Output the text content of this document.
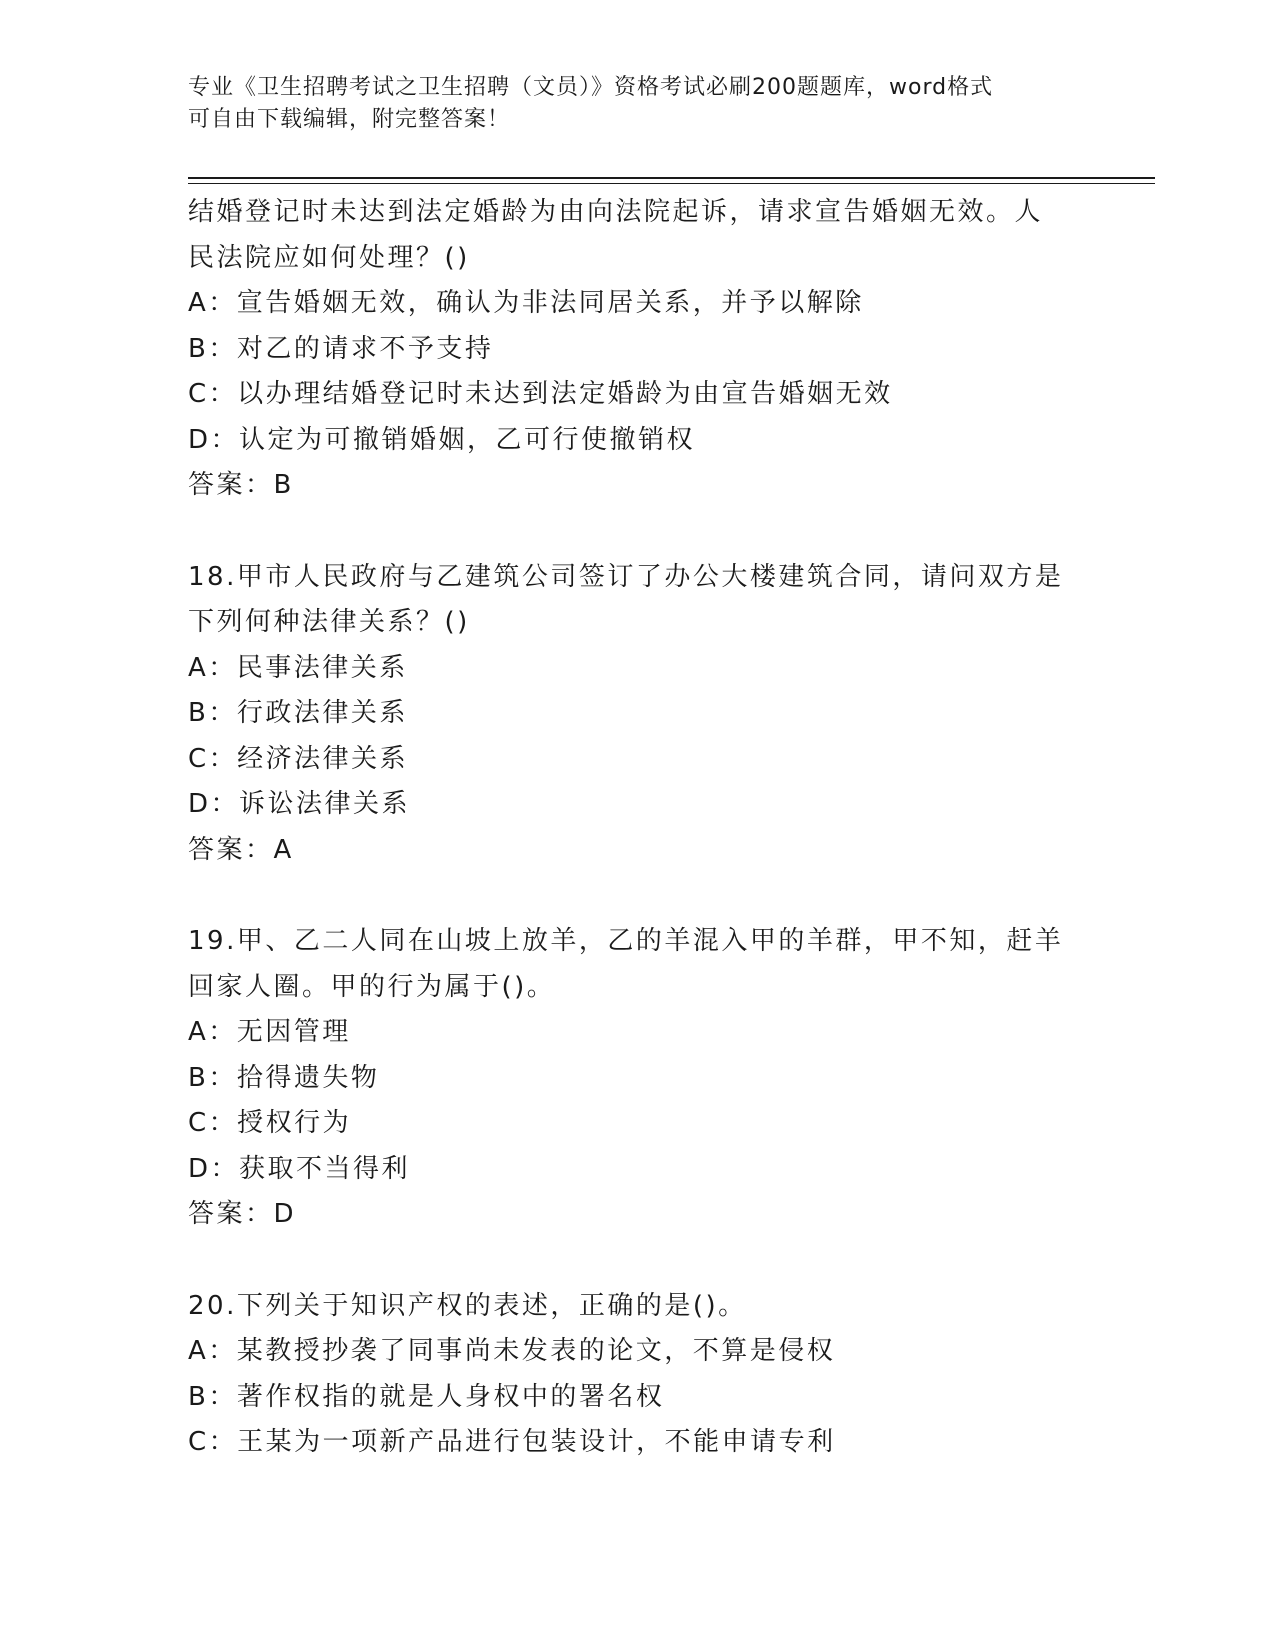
专业《卫生招聘考试之卫生招聘（文员）》资格考试必刷200题题库，word格式
可自由下载编辑，附完整答案！
结婚登记时未达到法定婚龄为由向法院起诉，请求宣告婚姻无效。人
民法院应如何处理？()
A：宣告婚姻无效，确认为非法同居关系，并予以解除
B：对乙的请求不予支持
C：以办理结婚登记时未达到法定婚龄为由宣告婚姻无效
D：认定为可撤销婚姻，乙可行使撤销权
答案：B
18.甲市人民政府与乙建筑公司签订了办公大楼建筑合同，请问双方是
下列何种法律关系？()
A：民事法律关系
B：行政法律关系
C：经济法律关系
D：诉讼法律关系
答案：A
19.甲、乙二人同在山坡上放羊，乙的羊混入甲的羊群，甲不知，赶羊
回家人圈。甲的行为属于()。
A：无因管理
B：拾得遗失物
C：授权行为
D：获取不当得利
答案：D
20.下列关于知识产权的表述，正确的是()。
A：某教授抄袭了同事尚未发表的论文，不算是侵权
B：著作权指的就是人身权中的署名权
C：王某为一项新产品进行包装设计，不能申请专利
